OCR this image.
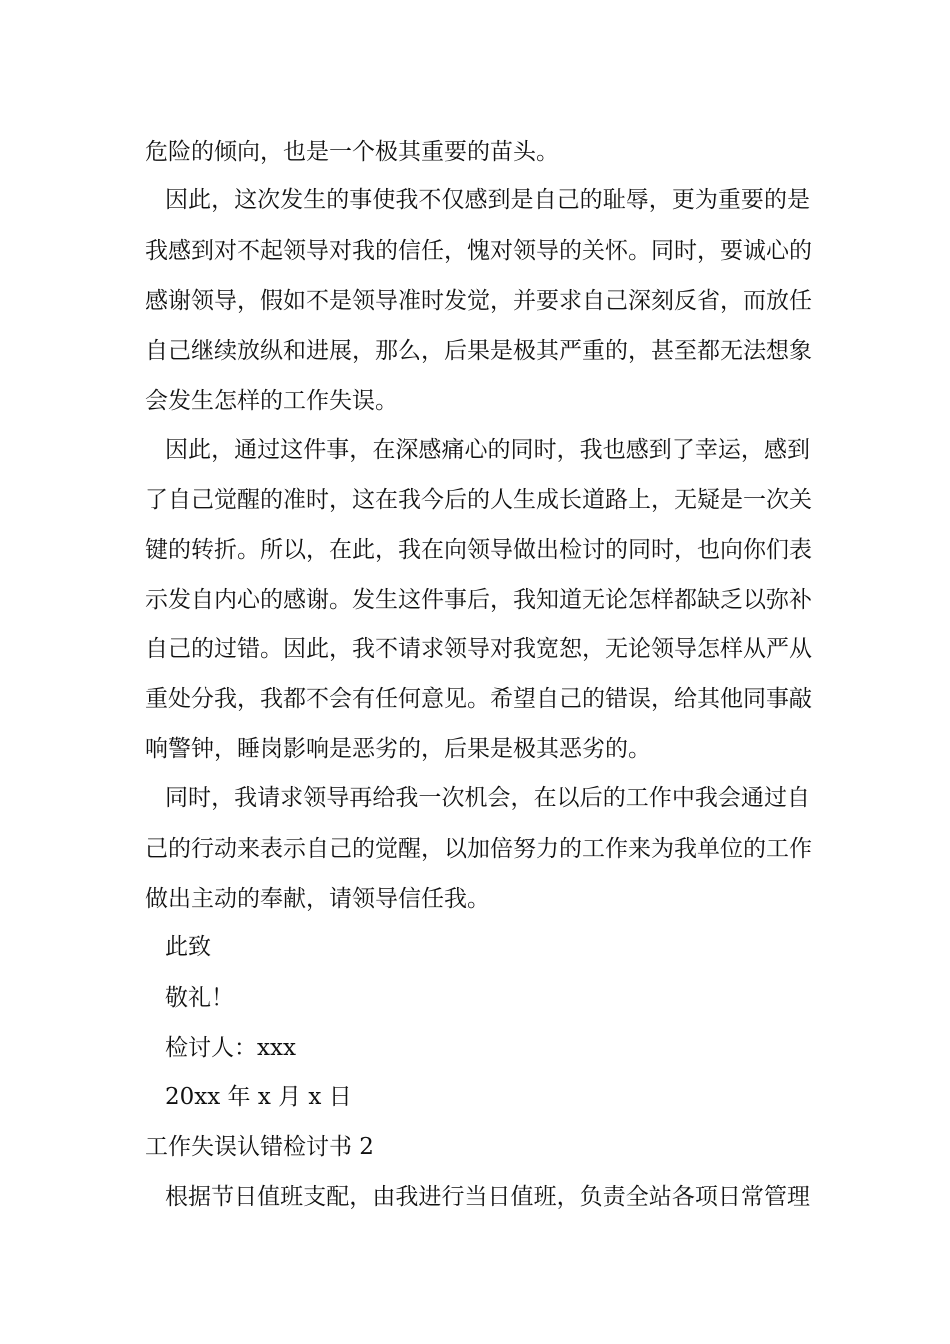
危险的倾向，也是一个极其重要的苗头。
因此，这次发生的事使我不仅感到是自己的耻辱，更为重要的是
我感到对不起领导对我的信任，愧对领导的关怀。同时，要诚心的
感谢领导，假如不是领导准时发觉，并要求自己深刻反省，而放任
自己继续放纵和进展，那么，后果是极其严重的，甚至都无法想象
会发生怎样的工作失误。
因此，通过这件事，在深感痛心的同时，我也感到了幸运，感到
了自己觉醒的准时，这在我今后的人生成长道路上，无疑是一次关
键的转折。所以，在此，我在向领导做出检讨的同时，也向你们表
示发自内心的感谢。发生这件事后，我知道无论怎样都缺乏以弥补
自己的过错。因此，我不请求领导对我宽恕，无论领导怎样从严从
重处分我，我都不会有任何意见。希望自己的错误，给其他同事敲
响警钟，睡岗影响是恶劣的，后果是极其恶劣的。
同时，我请求领导再给我一次机会，在以后的工作中我会通过自
己的行动来表示自己的觉醒，以加倍努力的工作来为我单位的工作
做出主动的奉献，请领导信任我。
此致
敬礼！
检讨人：xxx
20xx 年 x 月 x 日
工作失误认错检讨书 2
根据节日值班支配，由我进行当日值班，负责全站各项日常管理
